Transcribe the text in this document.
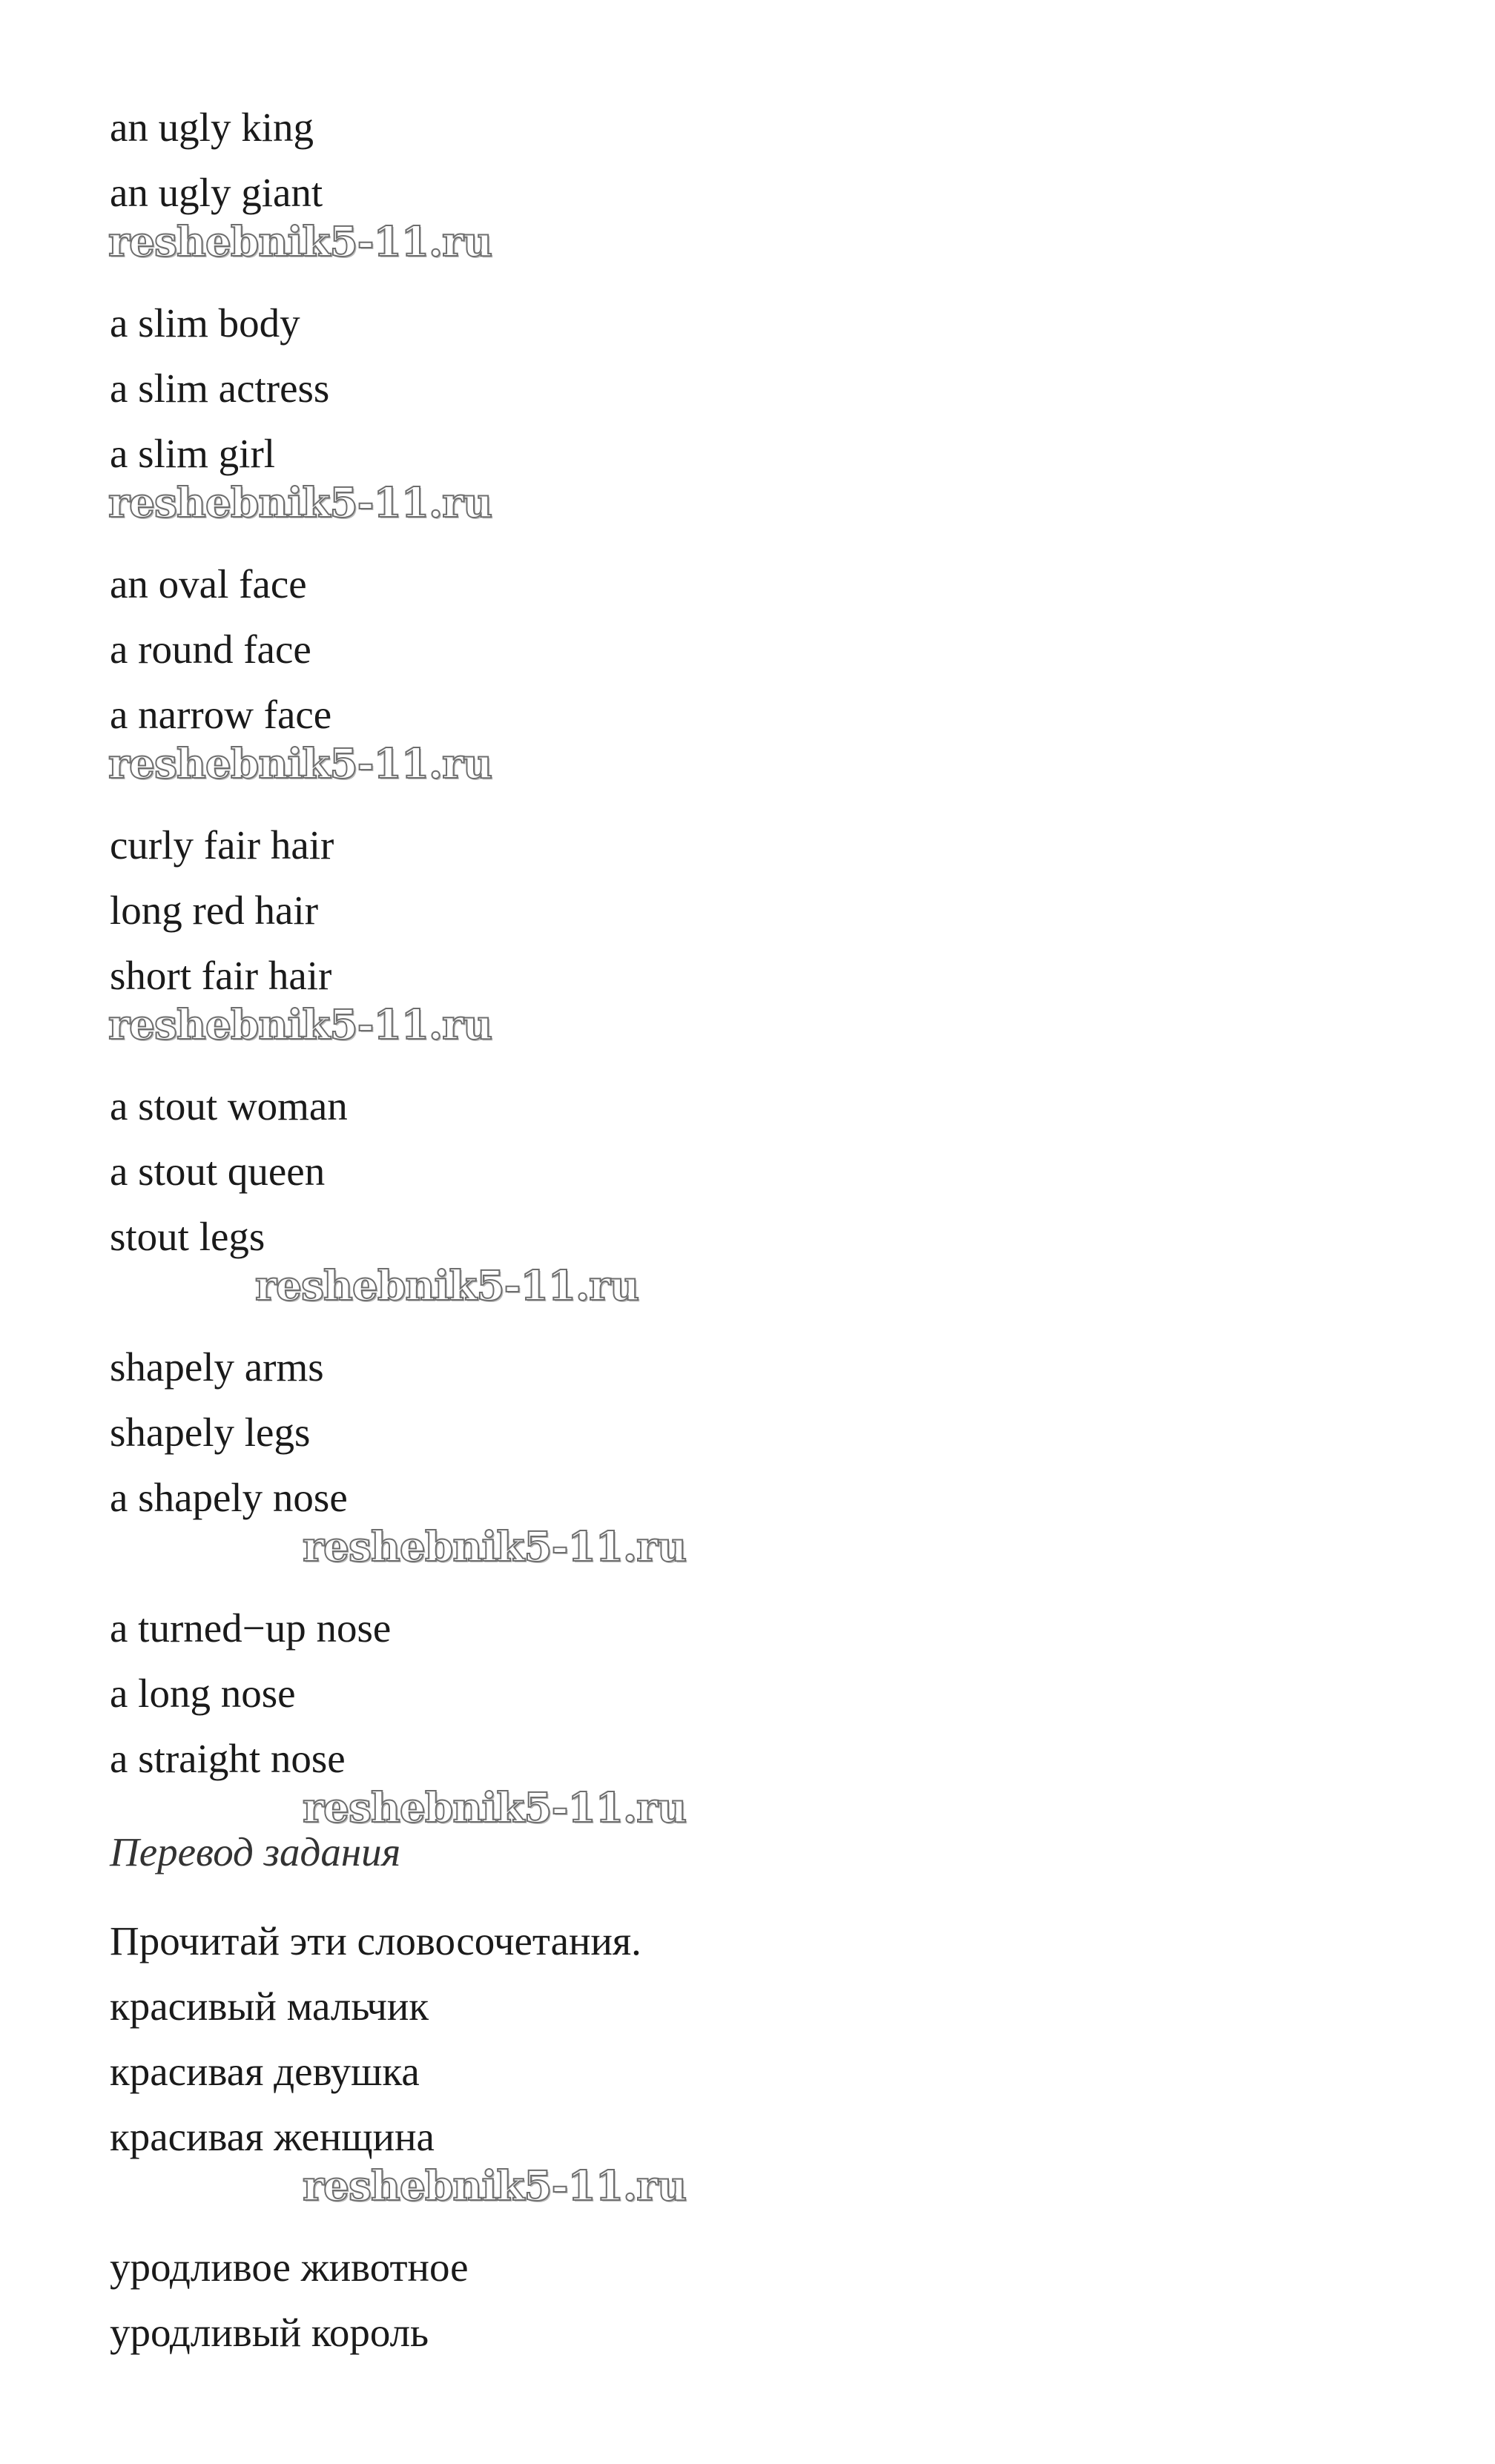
an ugly king
an ugly giant
reshebnik5-11.ru
a slim body
a slim actress
a slim girl
reshebnik5-11.ru
an oval face
a round face
a narrow face
reshebnik5-11.ru
curly fair hair
long red hair
short fair hair
reshebnik5-11.ru
a stout woman
a stout queen
stout legs
reshebnik5-11.ru
shapely arms
shapely legs
a shapely nose
reshebnik5-11.ru
a turned−up nose
a long nose
a straight nose
reshebnik5-11.ru
Перевод задания
Прочитай эти словосочетания.
красивый мальчик
красивая девушка
красивая женщина
reshebnik5-11.ru
уродливое животное
уродливый король
